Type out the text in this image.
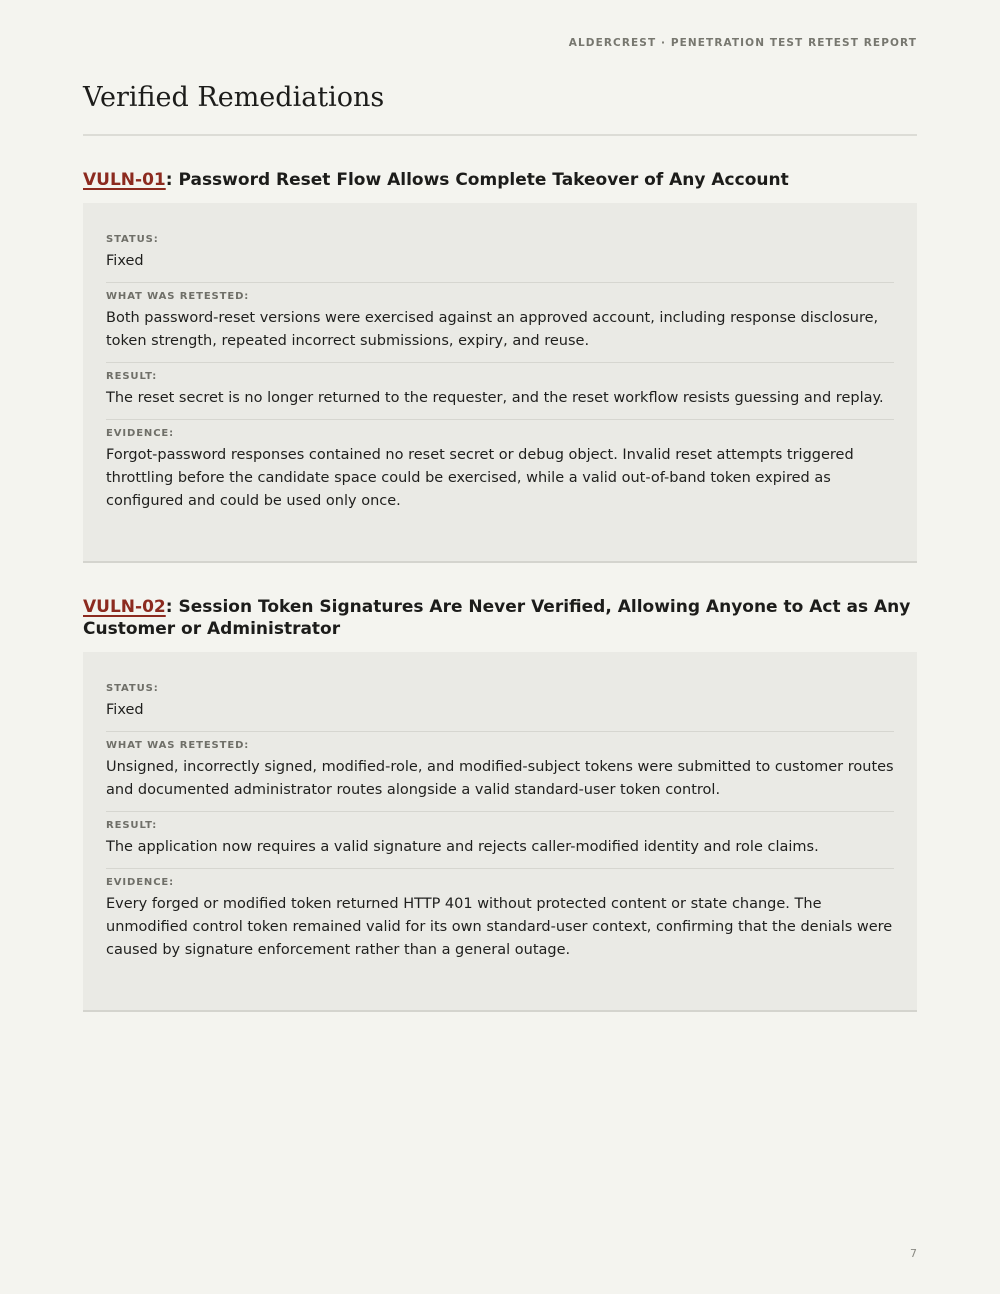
ALDERCREST · PENETRATION TEST RETEST REPORT
Verified Remediations
VULN-01: Password Reset Flow Allows Complete Takeover of Any Account
STATUS:
Fixed
WHAT WAS RETESTED:
Both password-reset versions were exercised against an approved account, including response disclosure, token strength, repeated incorrect submissions, expiry, and reuse.
RESULT:
The reset secret is no longer returned to the requester, and the reset workflow resists guessing and replay.
EVIDENCE:
Forgot-password responses contained no reset secret or debug object. Invalid reset attempts triggered throttling before the candidate space could be exercised, while a valid out-of-band token expired as configured and could be used only once.
VULN-02: Session Token Signatures Are Never Verified, Allowing Anyone to Act as Any Customer or Administrator
STATUS:
Fixed
WHAT WAS RETESTED:
Unsigned, incorrectly signed, modified-role, and modified-subject tokens were submitted to customer routes and documented administrator routes alongside a valid standard-user token control.
RESULT:
The application now requires a valid signature and rejects caller-modified identity and role claims.
EVIDENCE:
Every forged or modified token returned HTTP 401 without protected content or state change. The unmodified control token remained valid for its own standard-user context, confirming that the denials were caused by signature enforcement rather than a general outage.
7
